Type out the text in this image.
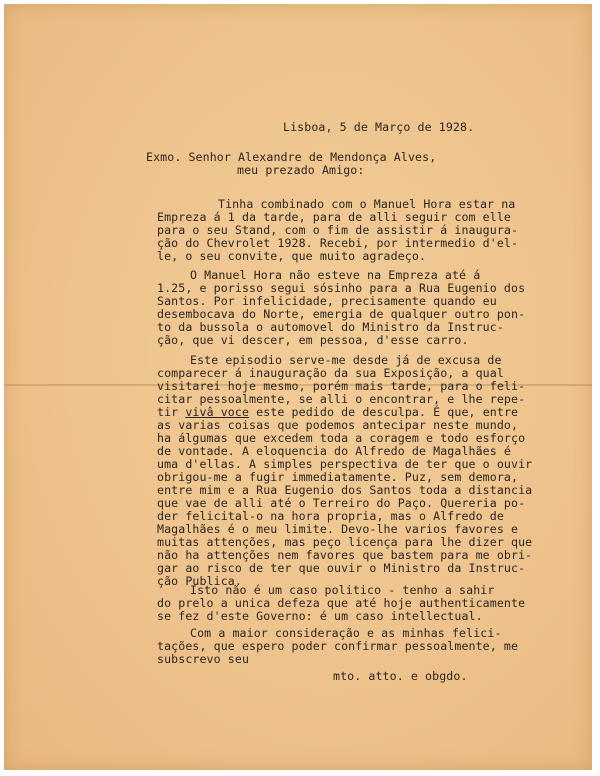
Lisboa, 5 de Março de 1928.
Exmo. Senhor Alexandre de Mendonça Alves,
meu prezado Amigo:
Tinha combinado com o Manuel Hora estar na
Empreza á 1 da tarde, para de alli seguir com elle
para o seu Stand, com o fim de assistir á inaugura-
ção do Chevrolet 1928. Recebi, por intermedio d'el-
le, o seu convite, que muito agradeço.
O Manuel Hora não esteve na Empreza até á
1.25, e porisso segui sósinho para a Rua Eugenio dos
Santos. Por infelicidade, precisamente quando eu
desembocava do Norte, emergia de qualquer outro pon-
to da bussola o automovel do Ministro da Instruc-
ção, que vi descer, em pessoa, d'esse carro.
Este episodio serve-me desde já de excusa de
comparecer á inauguração da sua Exposição, a qual
visitarei hoje mesmo, porém mais tarde, para o feli-
citar pessoalmente, se alli o encontrar, e lhe repe-
tir vivâ voce este pedido de desculpa. É que, entre
as varias coisas que podemos antecipar neste mundo,
ha álgumas que excedem toda a coragem e todo esforço
de vontade. A eloquencia do Alfredo de Magalhães é
uma d'ellas. A simples perspectiva de ter que o ouvir
obrigou-me a fugir immediatamente. Puz, sem demora,
entre mim e a Rua Eugenio dos Santos toda a distancia
que vae de alli até o Terreiro do Paço. Quereria po-
der felicital-o na hora propria, mas o Alfredo de
Magalhães é o meu limite. Devo-lhe varios favores e
muitas attenções, mas peço licença para lhe dizer que
não ha attenções nem favores que bastem para me obri-
gar ao risco de ter que ouvir o Ministro da Instruc-
ção Publica.
Isto não é um caso politico - tenho a sahir
do prelo a unica defeza que até hoje authenticamente
se fez d'este Governo: é um caso intellectual.
Com a maior consideração e as minhas felici-
tações, que espero poder confirmar pessoalmente, me
subscrevo seu
mto. atto. e obgdo.
